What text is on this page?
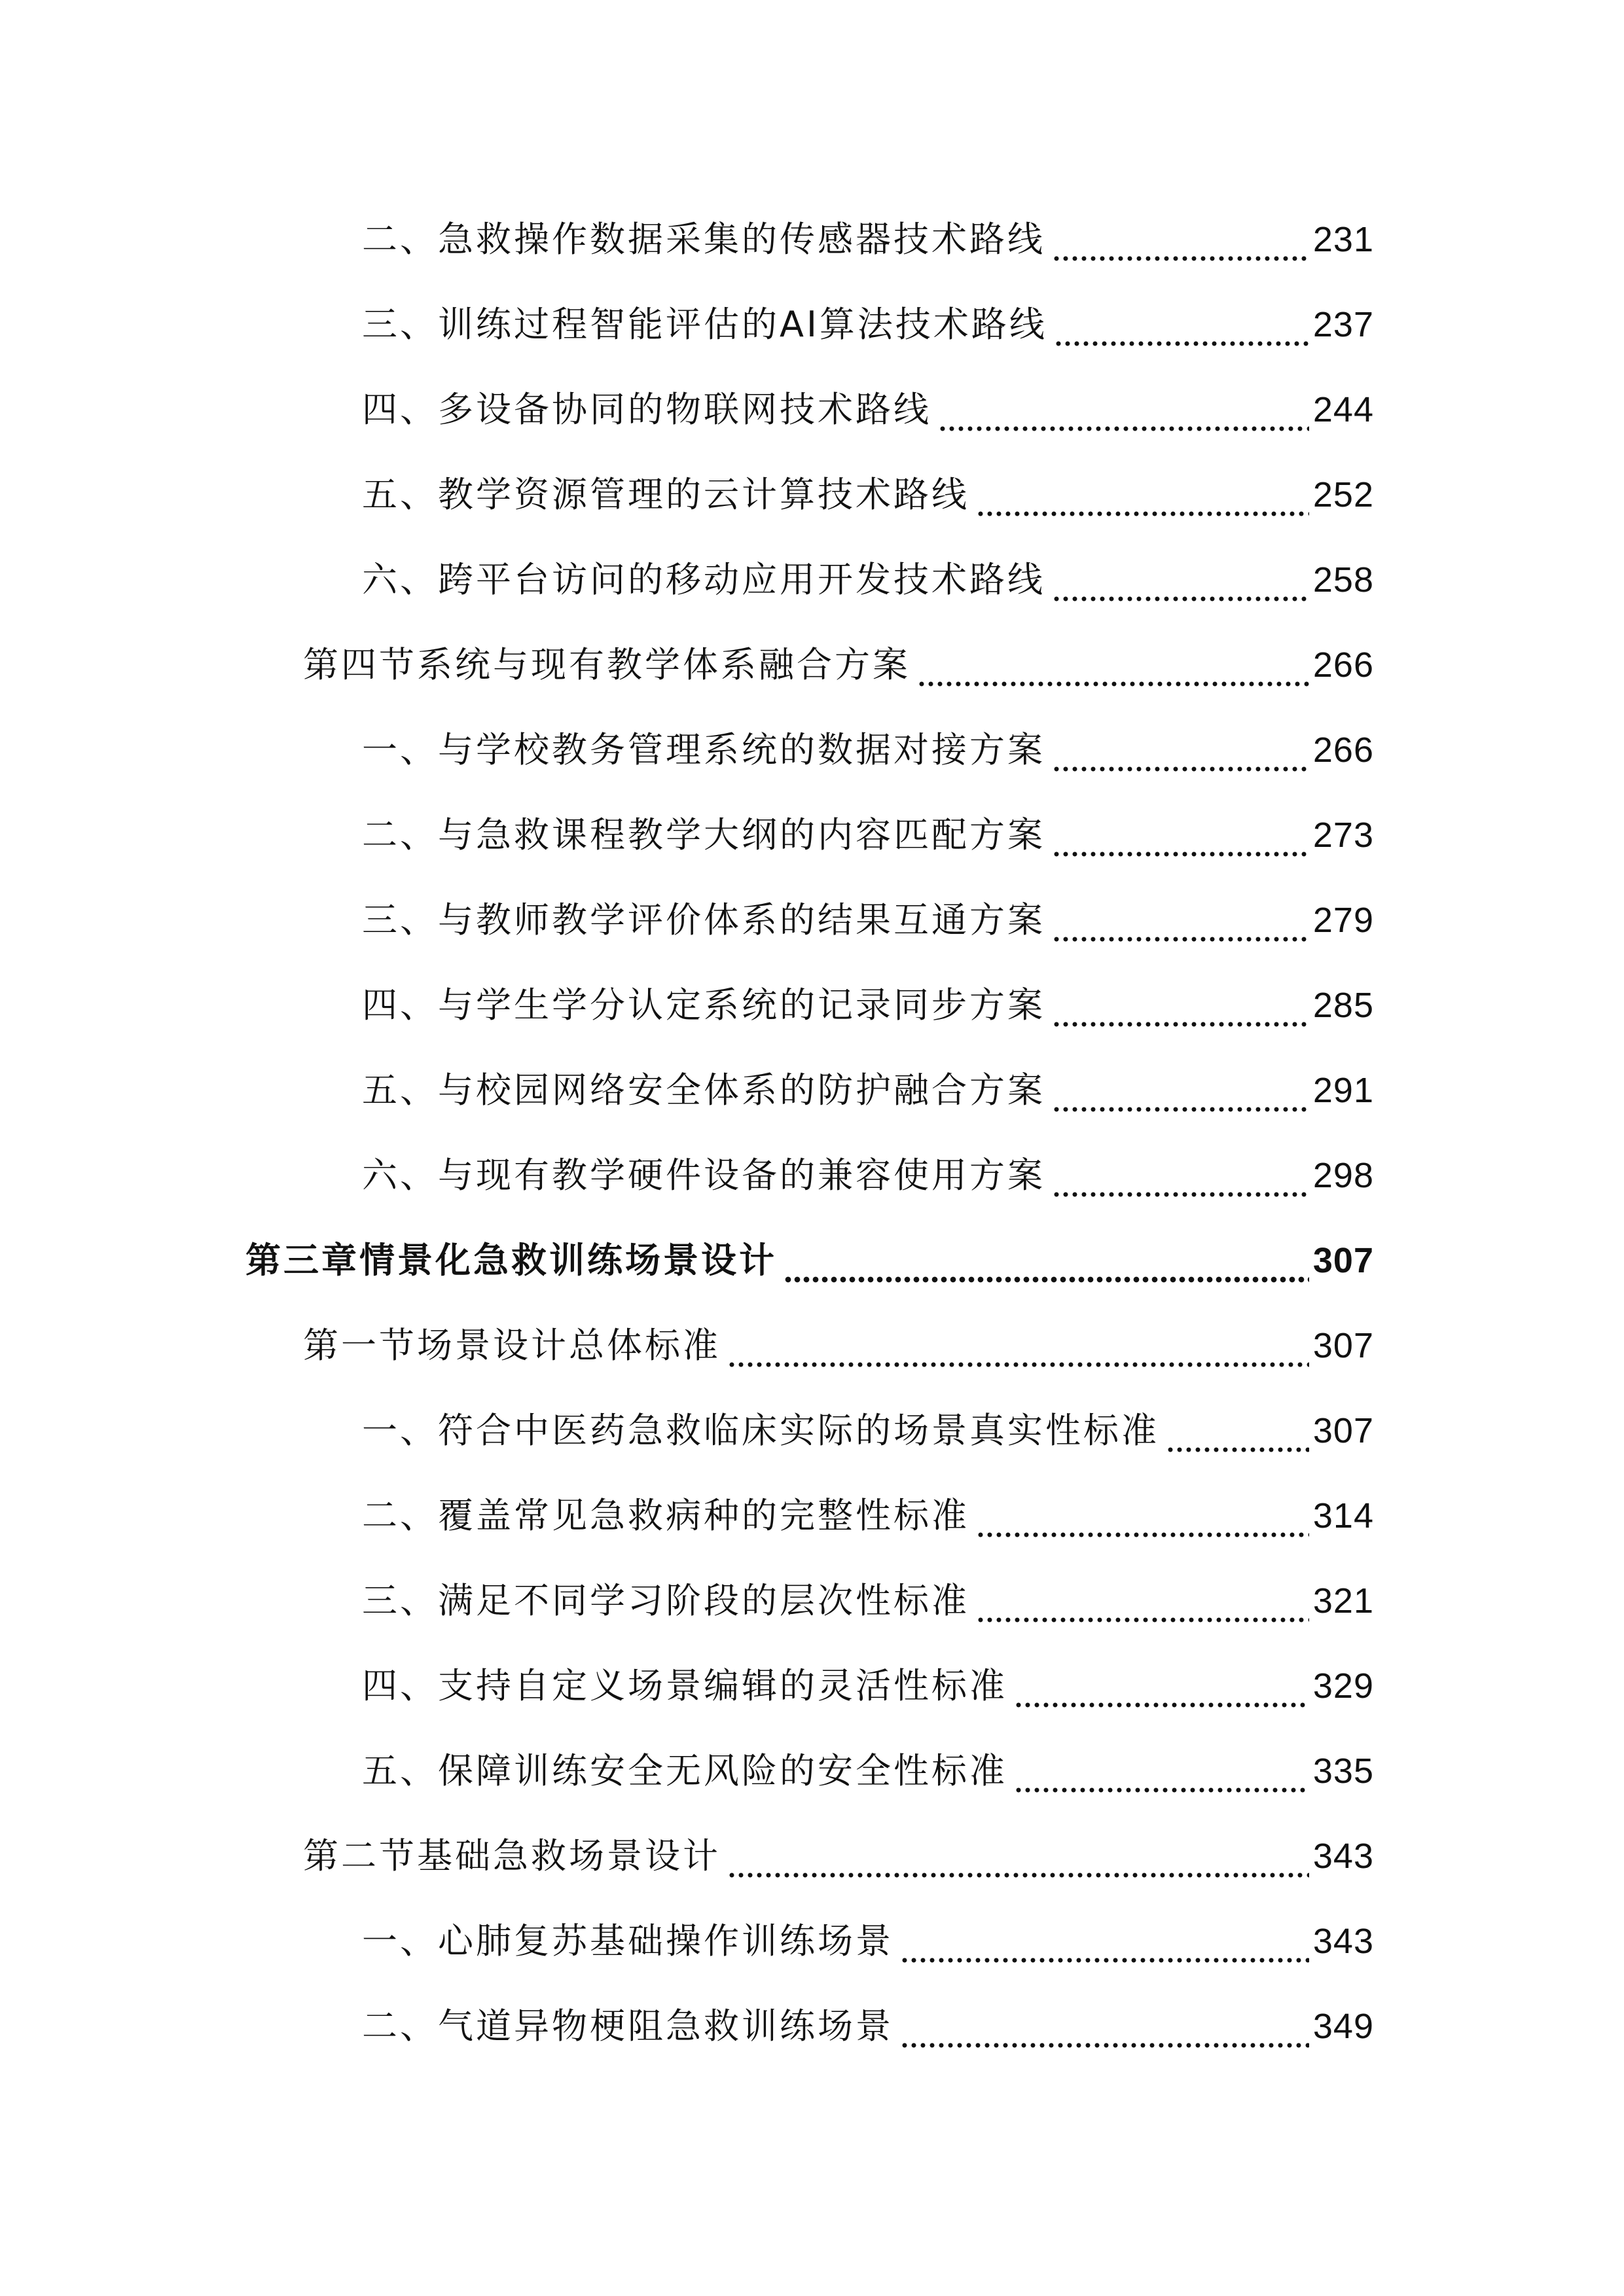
二、急救操作数据采集的传感器技术路线	231
三、训练过程智能评估的AI算法技术路线	237
四、多设备协同的物联网技术路线	244
五、教学资源管理的云计算技术路线	252
六、跨平台访问的移动应用开发技术路线	258
第四节系统与现有教学体系融合方案	266
一、与学校教务管理系统的数据对接方案	266
二、与急救课程教学大纲的内容匹配方案	273
三、与教师教学评价体系的结果互通方案	279
四、与学生学分认定系统的记录同步方案	285
五、与校园网络安全体系的防护融合方案	291
六、与现有教学硬件设备的兼容使用方案	298
第三章情景化急救训练场景设计	307
第一节场景设计总体标准	307
一、符合中医药急救临床实际的场景真实性标准	307
二、覆盖常见急救病种的完整性标准	314
三、满足不同学习阶段的层次性标准	321
四、支持自定义场景编辑的灵活性标准	329
五、保障训练安全无风险的安全性标准	335
第二节基础急救场景设计	343
一、心肺复苏基础操作训练场景	343
二、气道异物梗阻急救训练场景	349
